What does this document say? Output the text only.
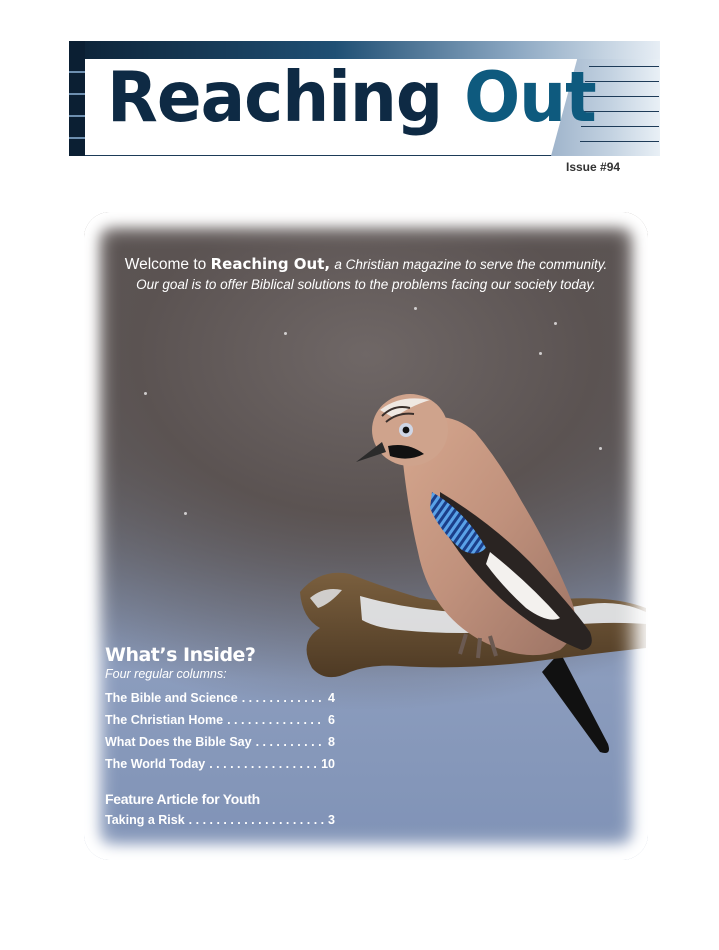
Reaching Out
Issue #94
Welcome to Reaching Out, a Christian magazine to serve the community.
Our goal is to offer Biblical solutions to the problems facing our society today.
What’s Inside?
Four regular columns:
The Bible and Science . . .	4
The Christian Home . . .	6
What Does the Bible Say . . .	8
The World Today . . .	10
Feature Article for Youth
Taking a Risk . . .	3
